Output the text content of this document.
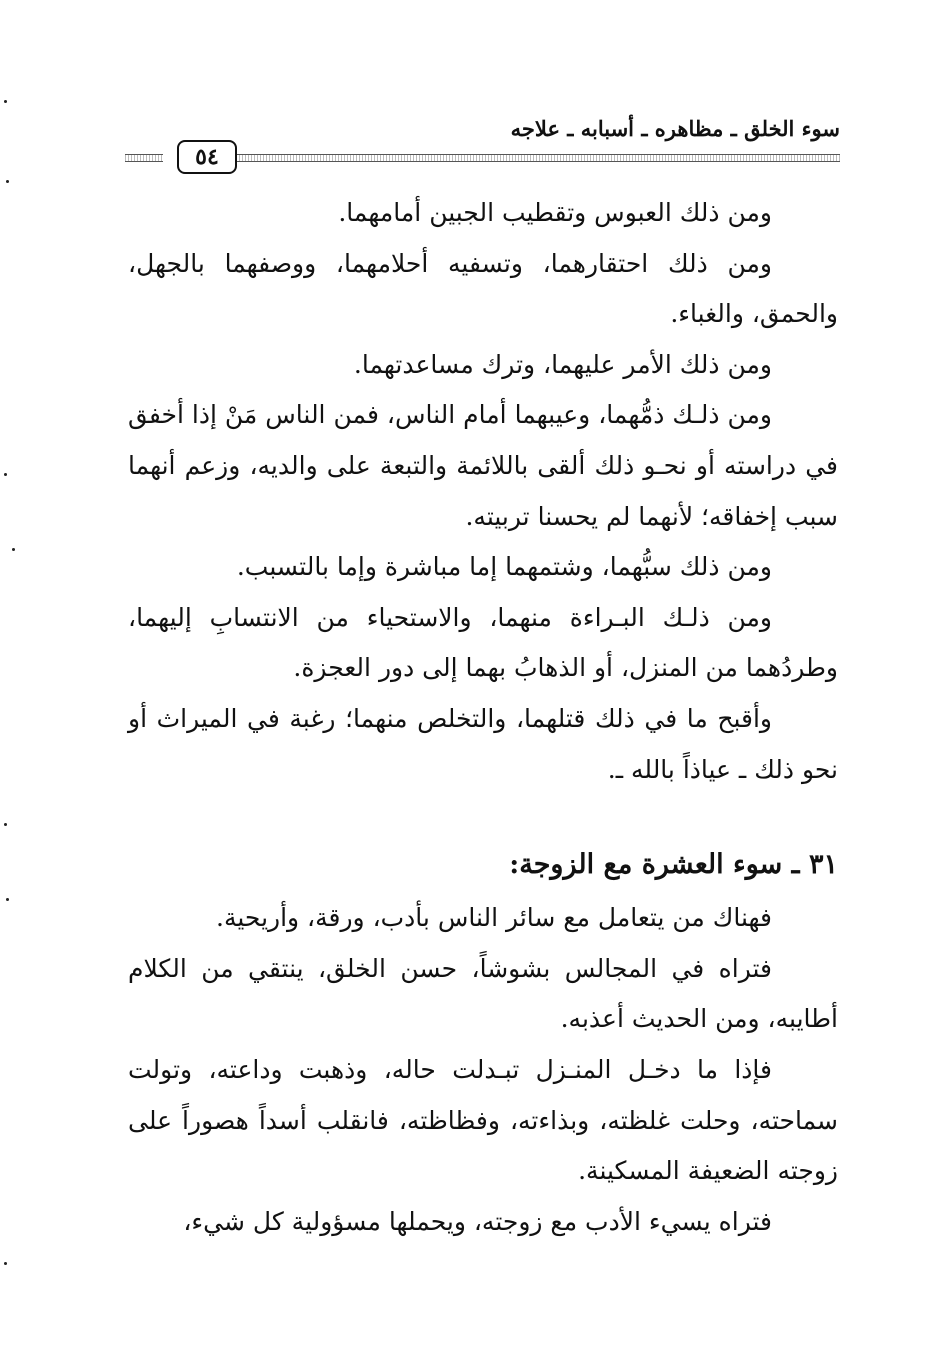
سوء الخلق ـ مظاهره ـ أسبابه ـ علاجه
٥٤

ومن ذلك العبوس وتقطيب الجبين أمامهما.

ومن ذلك احتقارهما، وتسفيه أحلامهما، ووصفهما بالجهل، والحمق، والغباء.

ومن ذلك الأمر عليهما، وترك مساعدتهما.

ومن ذلـك ذمُّهما، وعيبهما أمام الناس، فمن الناس مَنْ إذا أخفق في دراسته أو نحـو ذلك ألقى باللائمة والتبعة على والديه، وزعم أنهما سبب إخفاقه؛ لأنهما لم يحسنا تربيته.

ومن ذلك سبُّهما، وشتمهما إما مباشرة وإما بالتسبب.

ومن ذلـك البـراءة منهما، والاستحياء من الانتسابِ إليهما، وطردُهما من المنزل، أو الذهابُ بهما إلى دور العجزة.

وأقبح ما في ذلك قتلهما، والتخلص منهما؛ رغبة في الميراث أو نحو ذلك ـ عياذاً بالله ـ.

٣١ ـ سوء العشرة مع الزوجة:

فهناك من يتعامل مع سائر الناس بأدب، ورقة، وأريحية.

فتراه في المجالس بشوشاً، حسن الخلق، ينتقي من الكلام أطايبه، ومن الحديث أعذبه.

فإذا ما دخـل المنـزل تبـدلت حاله، وذهبت وداعته، وتولت سماحته، وحلت غلظته، وبذاءته، وفظاظته، فانقلب أسداً هصوراً على زوجته الضعيفة المسكينة.

فتراه يسيء الأدب مع زوجته، ويحملها مسؤولية كل شيء،
